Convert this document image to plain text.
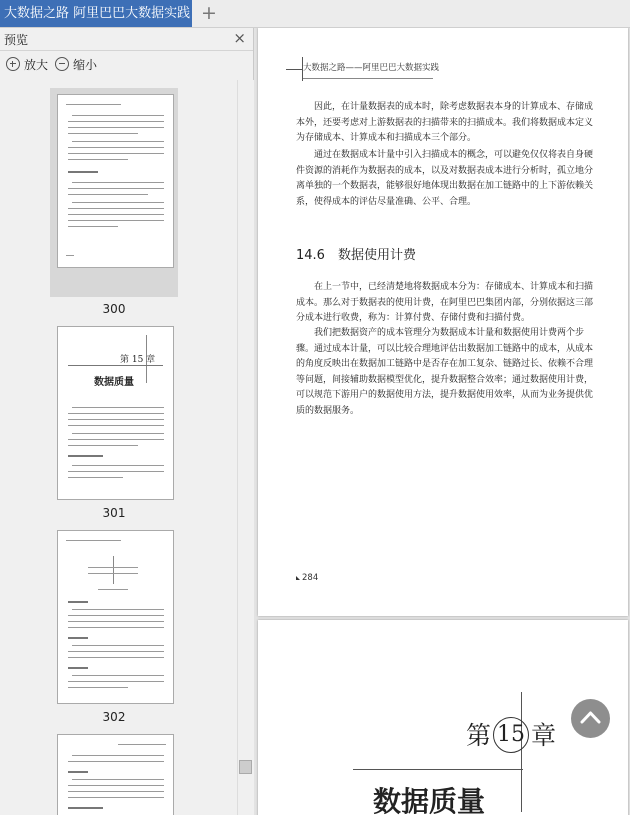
大数据之路 阿里巴巴大数据实践 +
预览	×
放大	缩小
300
第 15 章
数据质量
301
302
大数据之路——阿里巴巴大数据实践

因此，在计量数据表的成本时，除考虑数据表本身的计算成本、存储成本外，还要考虑对上游数据表的扫描带来的扫描成本。我们将数据成本定义为存储成本、计算成本和扫描成本三个部分。

通过在数据成本计量中引入扫描成本的概念，可以避免仅仅将表自身硬件资源的消耗作为数据表的成本，以及对数据表成本进行分析时，孤立地分离单独的一个数据表，能够很好地体现出数据在加工链路中的上下游依赖关系，使得成本的评估尽量准确、公平、合理。

14.6　数据使用计费

在上一节中，已经清楚地将数据成本分为：存储成本、计算成本和扫描成本。那么对于数据表的使用计费，在阿里巴巴集团内部，分别依据这三部分成本进行收费，称为：计算付费、存储付费和扫描付费。

我们把数据资产的成本管理分为数据成本计量和数据使用计费两个步骤。通过成本计量，可以比较合理地评估出数据加工链路中的成本，从成本的角度反映出在数据加工链路中是否存在加工复杂、链路过长、依赖不合理等问题，间接辅助数据模型优化，提升数据整合效率；通过数据使用计费，可以规范下游用户的数据使用方法，提升数据使用效率，从而为业务提供优质的数据服务。

284
第 15 章
数据质量
